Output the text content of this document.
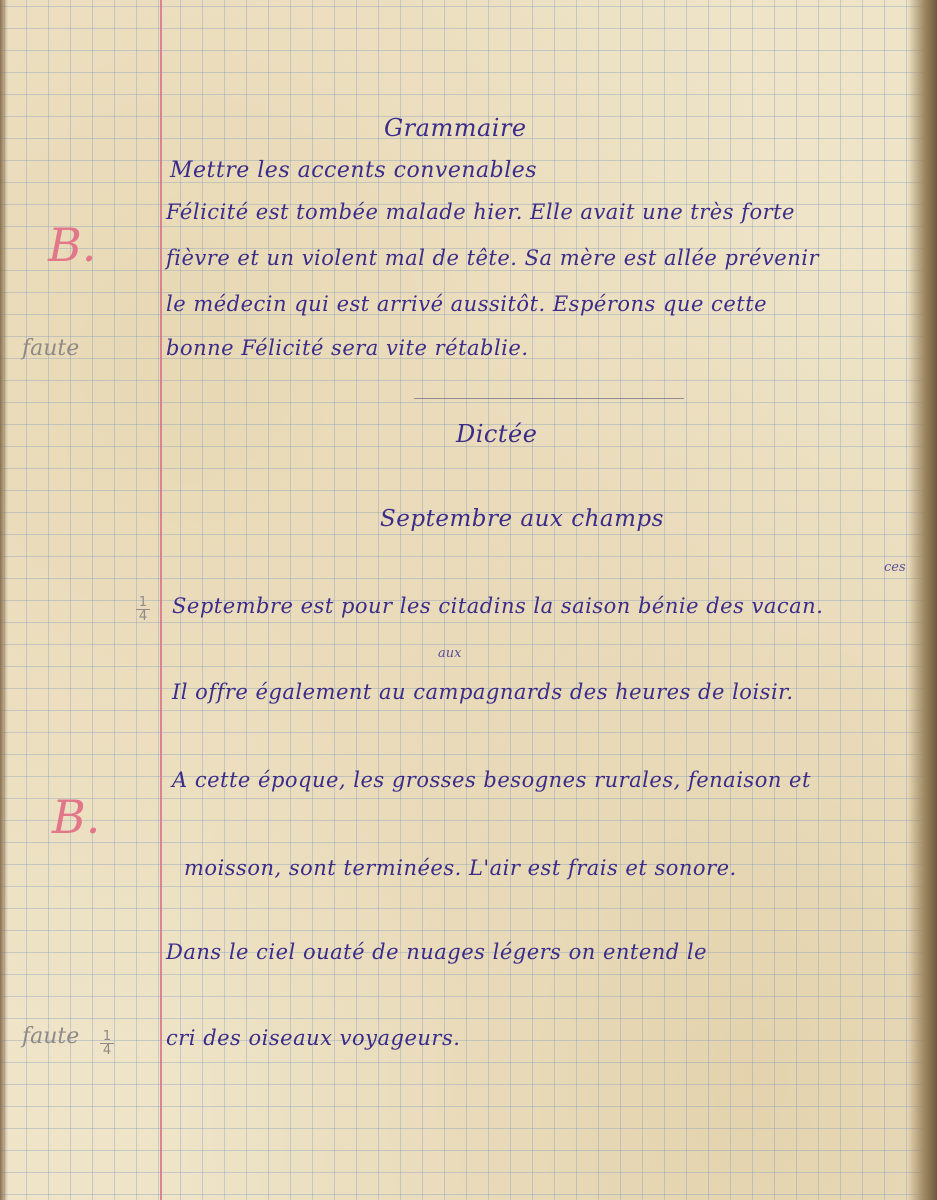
Grammaire
Mettre les accents convenables
Félicité est tombée malade hier. Elle avait une très forte
fièvre et un violent mal de tête. Sa mère est allée prévenir
le médecin qui est arrivé aussitôt. Espérons que cette
bonne Félicité sera vite rétablie.
B.
faute
Dictée
Septembre aux champs
ces
Septembre est pour les citadins la saison bénie des vacan.
aux
Il offre également au campagnards des heures de loisir.
A cette époque, les grosses besognes rurales, fenaison et
moisson, sont terminées. L'air est frais et sonore.
Dans le ciel ouaté de nuages légers on entend le
cri des oiseaux voyageurs.
$\frac{1}{4}$
B.
faute $\frac{1}{4}$
